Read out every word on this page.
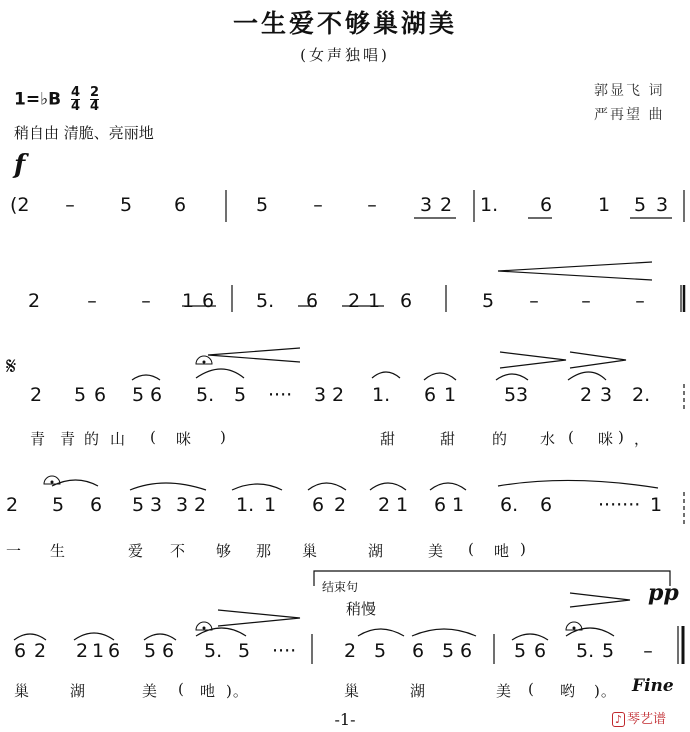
一生爱不够巢湖美
(女声独唱)
1=♭B $\frac{4}{4}$
$\frac{2}{4}$
稍自由 清脆、亮丽地
郭显飞 词
严再望 曲
f
𝄋
pp
Fine
结束句
稍慢
(2 – 5 6	5 – – 3 2 1. 6 1 5 3
2 – – 1 6 5. 6 2 1 6	5 – – –
2 5 6 5 6 5. 5 ···· 3 2 1. 6 1	5 3	2 3 2.
青 青 的 山 ( 咪 )	甜	甜 的 水 ( 咪 ) ，
2 5 6 5 3 3 2 1. 1 6 2 2 1 6 1 6. 6 ······· 1
一 生	爱 不 够 那 巢	湖	美 ( 吔 )
6 2 2 1 6 5 6 5. 5 ····	2 5 6 5 6 5 6 5. 5 –
巢	湖	美 ( 吔 )。	巢	湖	美 ( 哟 )。
-1-	♪ 琴艺谱
